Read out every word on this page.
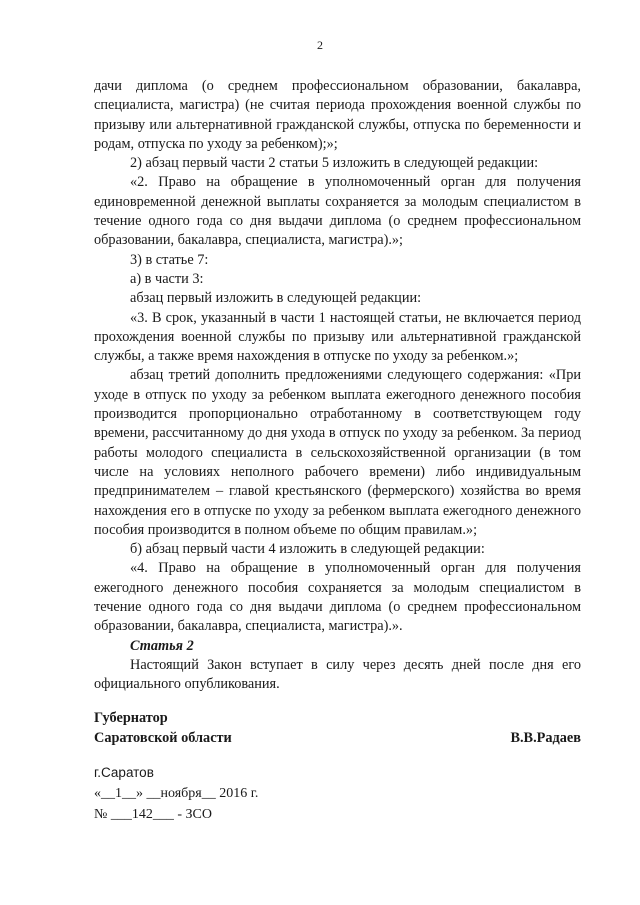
2

дачи диплома (о среднем профессиональном образовании, бакалавра, специалиста, магистра) (не считая периода прохождения военной службы по призыву или альтернативной гражданской службы, отпуска по беременности и родам, отпуска по уходу за ребенком);»;

2) абзац первый части 2 статьи 5 изложить в следующей редакции:

«2. Право на обращение в уполномоченный орган для получения единовременной денежной выплаты сохраняется за молодым специалистом в течение одного года со дня выдачи диплома (о среднем профессиональном образовании, бакалавра, специалиста, магистра).»;

3) в статье 7:

а) в части 3:

абзац первый изложить в следующей редакции:

«3. В срок, указанный в части 1 настоящей статьи, не включается период прохождения военной службы по призыву или альтернативной гражданской службы, а также время нахождения в отпуске по уходу за ребенком.»;

абзац третий дополнить предложениями следующего содержания: «При уходе в отпуск по уходу за ребенком выплата ежегодного денежного пособия производится пропорционально отработанному в соответствующем году времени, рассчитанному до дня ухода в отпуск по уходу за ребенком. За период работы молодого специалиста в сельскохозяйственной организации (в том числе на условиях неполного рабочего времени) либо индивидуальным предпринимателем – главой крестьянского (фермерского) хозяйства во время нахождения его в отпуске по уходу за ребенком выплата ежегодного денежного пособия производится в полном объеме по общим правилам.»;

б) абзац первый части 4 изложить в следующей редакции:

«4. Право на обращение в уполномоченный орган для получения ежегодного денежного пособия сохраняется за молодым специалистом в течение одного года со дня выдачи диплома (о среднем профессиональном образовании, бакалавра, специалиста, магистра).».

Статья 2

Настоящий Закон вступает в силу через десять дней после дня его официального опубликования.

Губернатор
Саратовской области	В.В.Радаев
г.Саратов
«__1__» __ноября__ 2016 г.
№ ___142___ - ЗСО
